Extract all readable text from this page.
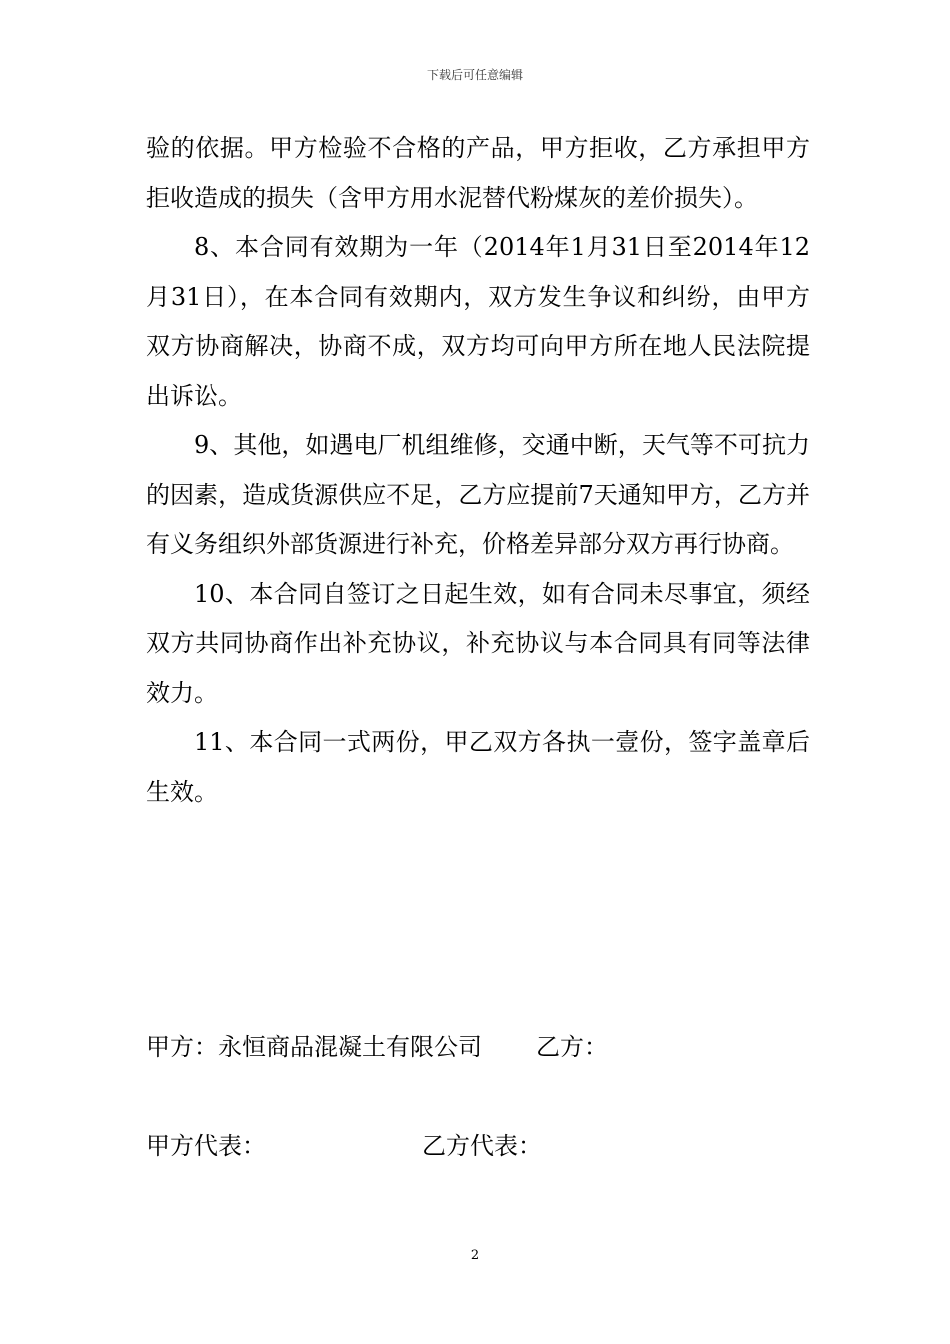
下载后可任意编辑

验的依据。甲方检验不合格的产品，甲方拒收，乙方承担甲方拒收造成的损失（含甲方用水泥替代粉煤灰的差价损失）。

8、本合同有效期为一年（2014年1月31日至2014年12月31日），在本合同有效期内，双方发生争议和纠纷，由甲方双方协商解决，协商不成，双方均可向甲方所在地人民法院提出诉讼。

9、其他，如遇电厂机组维修，交通中断，天气等不可抗力的因素，造成货源供应不足，乙方应提前7天通知甲方，乙方并有义务组织外部货源进行补充，价格差异部分双方再行协商。

10、本合同自签订之日起生效，如有合同未尽事宜，须经双方共同协商作出补充协议，补充协议与本合同具有同等法律效力。

11、本合同一式两份，甲乙双方各执一壹份，签字盖章后生效。

甲方：永恒商品混凝土有限公司 乙方：
甲方代表：	乙方代表：
2
